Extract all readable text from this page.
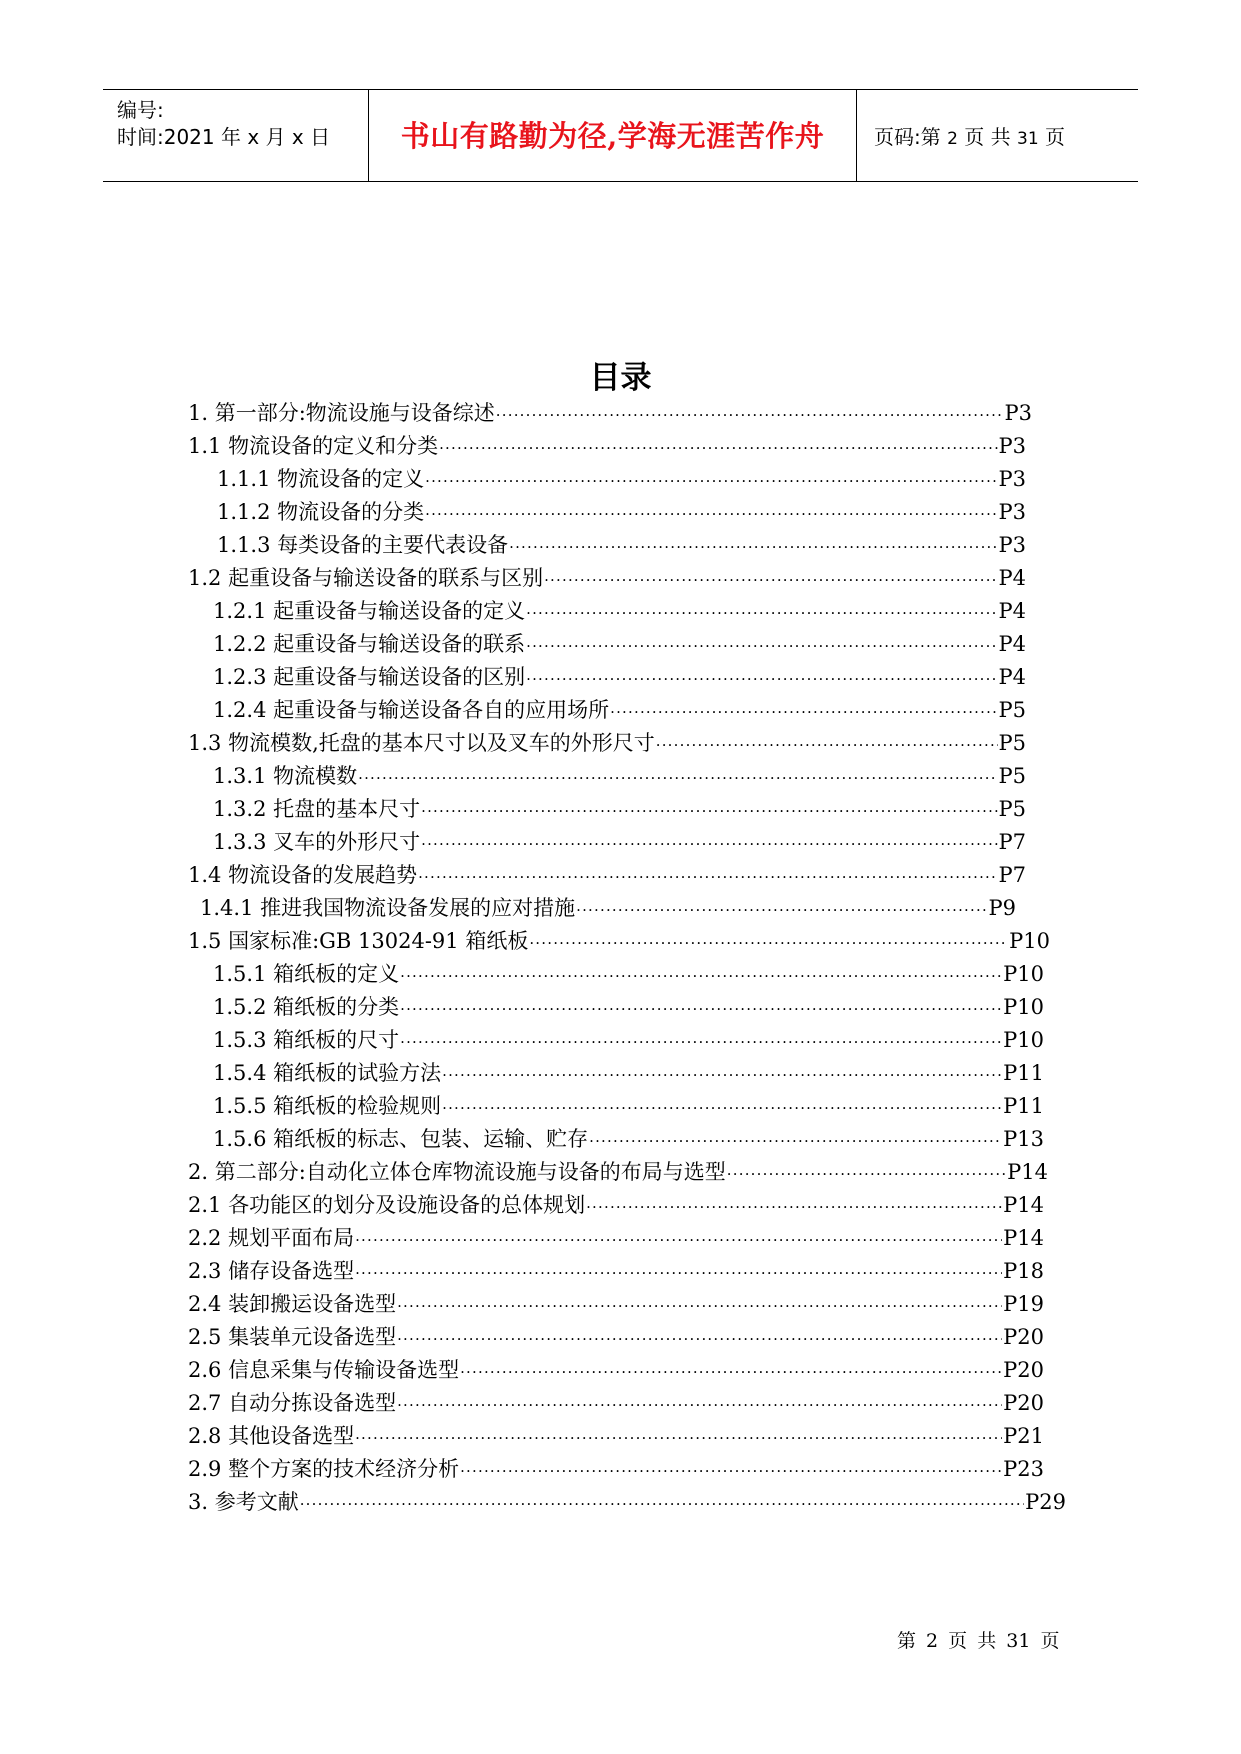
编号:
时间:2021 年 x 月 x 日 书山有路勤为径,学海无涯苦作舟 页码:第 2 页 共 31 页
目录
1. 第一部分:物流设施与设备综述 ·····	P3
1.1 物流设备的定义和分类 ·····	P3
1.1.1 物流设备的定义 ·····	P3
1.1.2 物流设备的分类 ·····	P3
1.1.3 每类设备的主要代表设备 ·····	P3
1.2 起重设备与输送设备的联系与区别 ·····	P4
1.2.1 起重设备与输送设备的定义 ·····	P4
1.2.2 起重设备与输送设备的联系 ·····	P4
1.2.3 起重设备与输送设备的区别 ·····	P4
1.2.4 起重设备与输送设备各自的应用场所 ·····	P5
1.3 物流模数,托盘的基本尺寸以及叉车的外形尺寸 ·····	P5
1.3.1 物流模数 ·····	P5
1.3.2 托盘的基本尺寸 ·····	P5
1.3.3 叉车的外形尺寸 ·····	P7
1.4 物流设备的发展趋势 ·····	P7
1.4.1 推进我国物流设备发展的应对措施 ·····	P9
1.5 国家标准:GB 13024-91 箱纸板 ·····	P10
1.5.1 箱纸板的定义 ·····	P10
1.5.2 箱纸板的分类 ·····	P10
1.5.3 箱纸板的尺寸 ·····	P10
1.5.4 箱纸板的试验方法 ·····	P11
1.5.5 箱纸板的检验规则 ·····	P11
1.5.6 箱纸板的标志、包装、运输、贮存 ·····	P13
2. 第二部分:自动化立体仓库物流设施与设备的布局与选型 ·····	P14
2.1 各功能区的划分及设施设备的总体规划 ·····	P14
2.2 规划平面布局 ·····	P14
2.3 储存设备选型 ·····	P18
2.4 装卸搬运设备选型 ·····	P19
2.5 集装单元设备选型 ·····	P20
2.6 信息采集与传输设备选型 ·····	P20
2.7 自动分拣设备选型 ·····	P20
2.8 其他设备选型 ·····	P21
2.9 整个方案的技术经济分析 ·····	P23
3. 参考文献 ·····	P29
第 2 页 共 31 页
